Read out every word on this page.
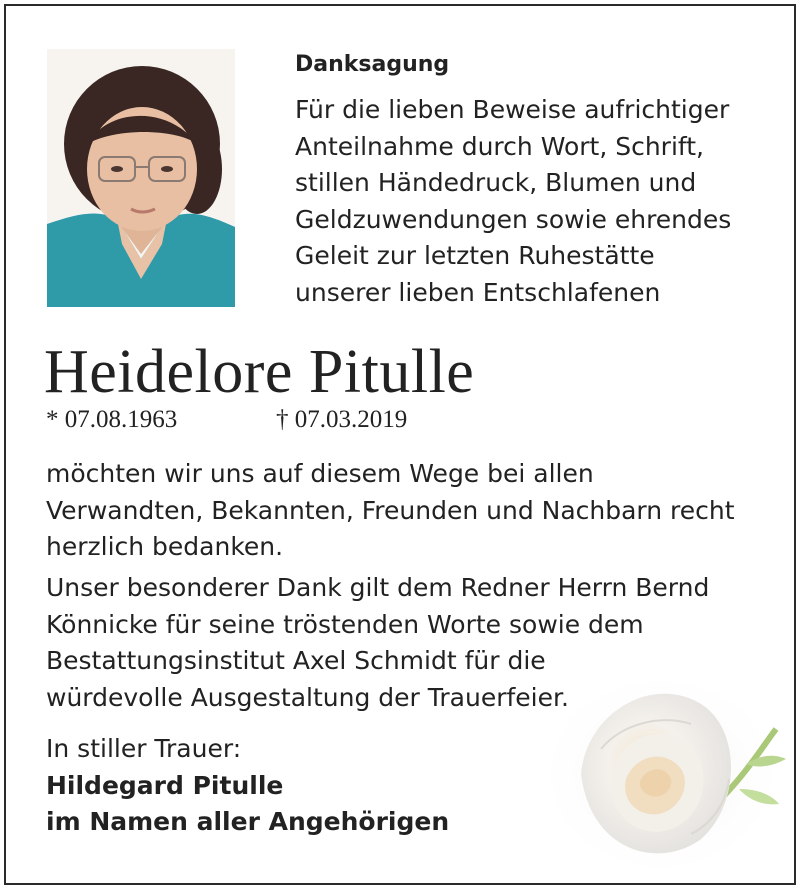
Danksagung
Für die lieben Beweise aufrichtiger
Anteilnahme durch Wort, Schrift,
stillen Händedruck, Blumen und
Geldzuwendungen sowie ehrendes
Geleit zur letzten Ruhestätte
unserer lieben Entschlafenen
Heidelore Pitulle
* 07.08.1963	† 07.03.2019
möchten wir uns auf diesem Wege bei allen
Verwandten, Bekannten, Freunden und Nachbarn recht
herzlich bedanken.
Unser besonderer Dank gilt dem Redner Herrn Bernd
Könnicke für seine tröstenden Worte sowie dem
Bestattungsinstitut Axel Schmidt für die
würdevolle Ausgestaltung der Trauerfeier.
In stiller Trauer:
Hildegard Pitulle
im Namen aller Angehörigen
